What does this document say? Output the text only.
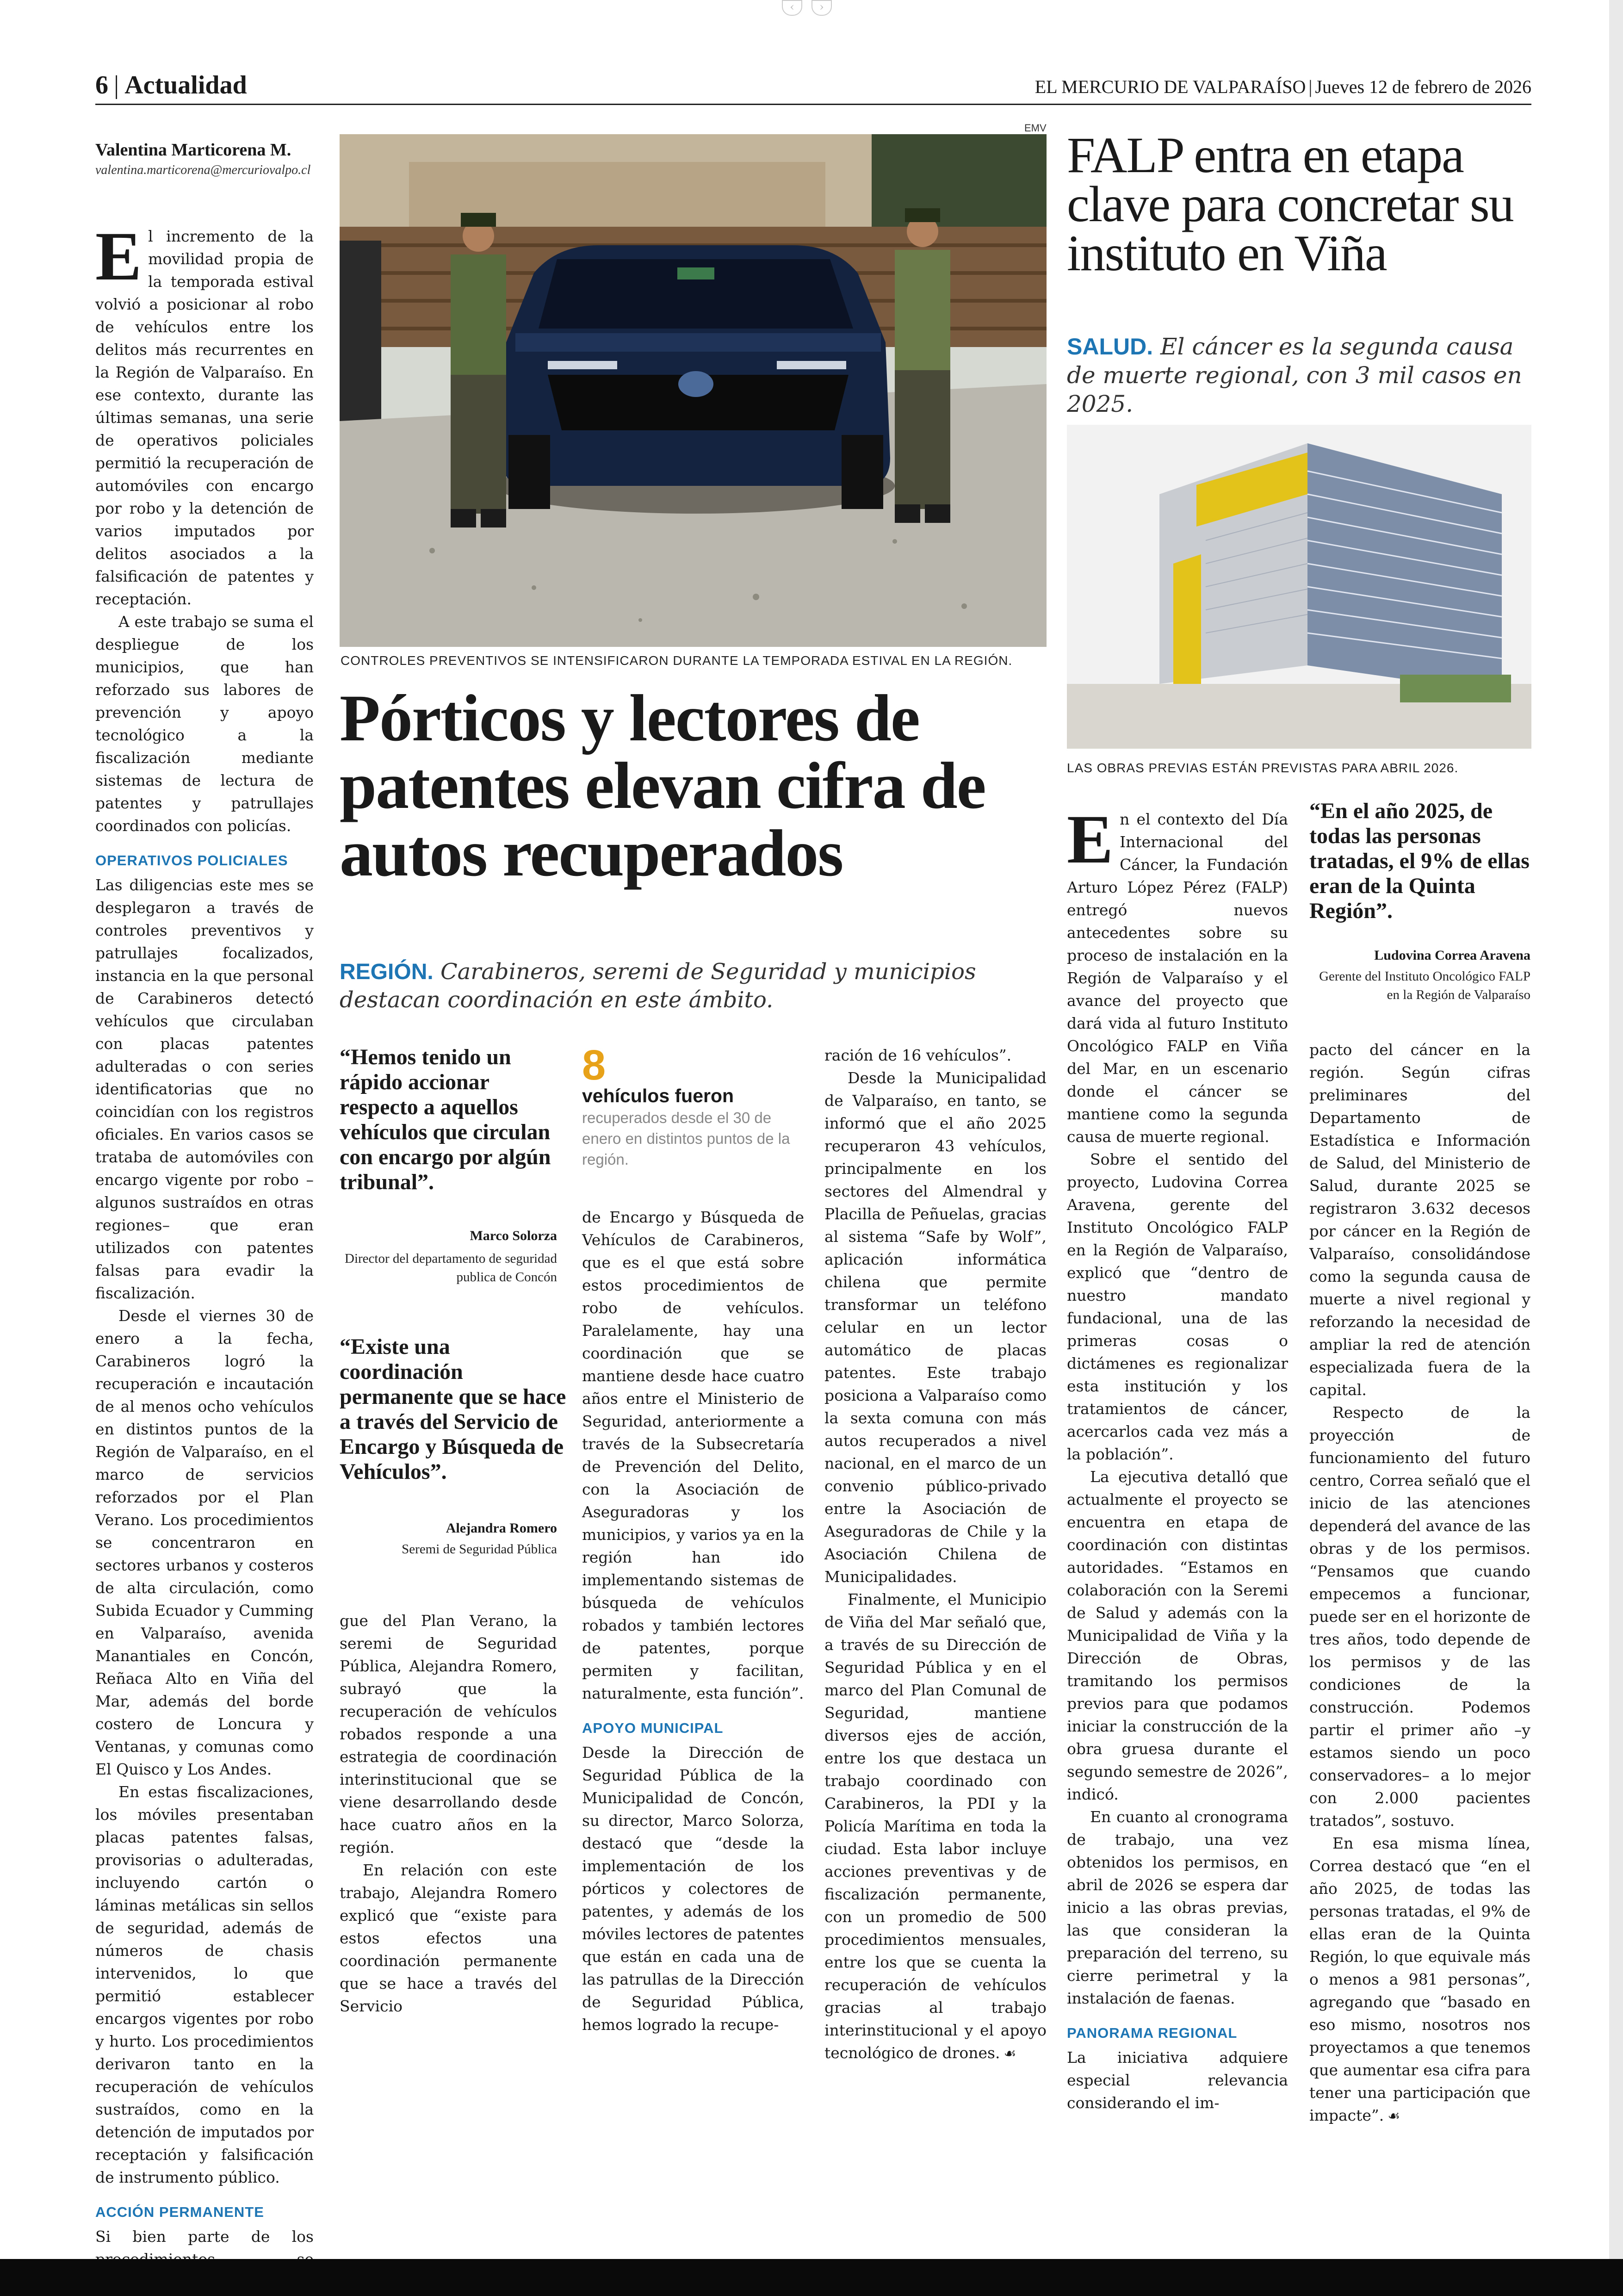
‹ ›
6 | Actualidad	EL MERCURIO DE VALPARAÍSO | Jueves 12 de febrero de 2026
Valentina Marticorena M.
valentina.marticorena@mercuriovalpo.cl

El incremento de la movilidad propia de la temporada estival volvió a posicionar al robo de vehículos entre los delitos más recurrentes en la Región de Valparaíso. En ese contexto, durante las últimas semanas, una serie de operativos policiales permitió la recuperación de automóviles con encargo por robo y la detención de varios imputados por delitos asociados a la falsificación de patentes y receptación.

A este trabajo se suma el despliegue de los municipios, que han reforzado sus labores de prevención y apoyo tecnológico a la fiscalización mediante sistemas de lectura de patentes y patrullajes coordinados con policías.

OPERATIVOS POLICIALES

Las diligencias este mes se desplegaron a través de controles preventivos y patrullajes focalizados, instancia en la que personal de Carabineros detectó vehículos que circulaban con placas patentes adulteradas o con series identificatorias que no coincidían con los registros oficiales. En varios casos se trataba de automóviles con encargo vigente por robo –algunos sustraídos en otras regiones– que eran utilizados con patentes falsas para evadir la fiscalización.

Desde el viernes 30 de enero a la fecha, Carabineros logró la recuperación e incautación de al menos ocho vehículos en distintos puntos de la Región de Valparaíso, en el marco de servicios reforzados por el Plan Verano. Los procedimientos se concentraron en sectores urbanos y costeros de alta circulación, como Subida Ecuador y Cumming en Valparaíso, avenida Manantiales en Concón, Reñaca Alto en Viña del Mar, además del borde costero de Loncura y Ventanas, y comunas como El Quisco y Los Andes.

En estas fiscalizaciones, los móviles presentaban placas patentes falsas, provisorias o adulteradas, incluyendo cartón o láminas metálicas sin sellos de seguridad, además de números de chasis intervenidos, lo que permitió establecer encargos vigentes por robo y hurto. Los procedimientos derivaron tanto en la recuperación de vehículos sustraídos, como en la detención de imputados por receptación y falsificación de instrumento público.

ACCIÓN PERMANENTE

Si bien parte de los

EMV
CONTROLES PREVENTIVOS SE INTENSIFICARON DURANTE LA TEMPORADA ESTIVAL EN LA REGIÓN.
Pórticos y lectores de patentes elevan cifra de autos recuperados
REGIÓN. Carabineros, seremi de Seguridad y municipios destacan coordinación en este ámbito.
“Hemos tenido un rápido accionar respecto a aquellos vehículos que circulan con encargo por algún tribunal”.
Marco Solorza
Director del departamento de seguridad publica de Concón
“Existe una coordinación permanente que se hace a través del Servicio de Encargo y Búsqueda de Vehículos”.
Alejandra Romero
Seremi de Seguridad Pública

gue del Plan Verano, la seremi de Seguridad Pública, Alejandra Romero, subrayó que la recuperación de vehículos robados responde a una estrategia de coordinación interinstitucional que se viene desarrollando desde hace cuatro años en la región.

En relación con este trabajo, Alejandra Romero explicó que “existe para estos efectos una coordinación permanente que se hace a través del Servicio

8
vehículos fueron recuperados desde el 30 de enero en distintos puntos de la región.

de Encargo y Búsqueda de Vehículos de Carabineros, que es el que está sobre estos procedimientos de robo de vehículos. Paralelamente, hay una coordinación que se mantiene desde hace cuatro años entre el Ministerio de Seguridad, anteriormente a través de la Subsecretaría de Prevención del Delito, con la Asociación de Aseguradoras y los municipios, y varios ya en la región han ido implementando sistemas de búsqueda de vehículos robados y también lectores de patentes, porque permiten y facilitan, naturalmente, esta función”.

APOYO MUNICIPAL

Desde la Dirección de Seguridad Pública de la Municipalidad de Concón, su director, Marco Solorza, destacó que “desde la implementación de los pórticos y colectores de patentes, y además de los móviles lectores de patentes que están en cada una de las patrullas de la Dirección de Seguridad Pública, hemos logrado la recupe-

ración de 16 vehículos”.

Desde la Municipalidad de Valparaíso, en tanto, se informó que el año 2025 recuperaron 43 vehículos, principalmente en los sectores del Almendral y Placilla de Peñuelas, gracias al sistema “Safe by Wolf”, aplicación informática chilena que permite transformar un teléfono celular en un lector automático de placas patentes. Este trabajo posiciona a Valparaíso como la sexta comuna con más autos recuperados a nivel nacional, en el marco de un convenio público-privado entre la Asociación de Aseguradoras de Chile y la Asociación Chilena de Municipalidades.

Finalmente, el Municipio de Viña del Mar señaló que, a través de su Dirección de Seguridad Pública y en el marco del Plan Comunal de Seguridad, mantiene diversos ejes de acción, entre los que destaca un trabajo coordinado con Carabineros, la PDI y la Policía Marítima en toda la ciudad. Esta labor incluye acciones preventivas y de fiscalización permanente, con un promedio de 500 procedimientos mensuales, entre los que se cuenta la recuperación de vehículos gracias al trabajo interinstitucional y el apoyo tecnológico de drones. ☙

FALP entra en etapa clave para concretar su instituto en Viña
SALUD. El cáncer es la segunda causa de muerte regional, con 3 mil casos en 2025.
LAS OBRAS PREVIAS ESTÁN PREVISTAS PARA ABRIL 2026.

En el contexto del Día Internacional del Cáncer, la Fundación Arturo López Pérez (FALP) entregó nuevos antecedentes sobre su proceso de instalación en la Región de Valparaíso y el avance del proyecto que dará vida al futuro Instituto Oncológico FALP en Viña del Mar, en un escenario donde el cáncer se mantiene como la segunda causa de muerte regional.

Sobre el sentido del proyecto, Ludovina Correa Aravena, gerente del Instituto Oncológico FALP en la Región de Valparaíso, explicó que “dentro de nuestro mandato fundacional, una de las primeras cosas o dictámenes es regionalizar esta institución y los tratamientos de cáncer, acercarlos cada vez más a la población”.

La ejecutiva detalló que actualmente el proyecto se encuentra en etapa de coordinación con distintas autoridades. “Estamos en colaboración con la Seremi de Salud y además con la Municipalidad de Viña y la Dirección de Obras, tramitando los permisos previos para que podamos iniciar la construcción de la obra gruesa durante el segundo semestre de 2026”, indicó.

En cuanto al cronograma de trabajo, una vez obtenidos los permisos, en abril de 2026 se espera dar inicio a las obras previas, las que consideran la preparación del terreno, su cierre perimetral y la instalación de faenas.

PANORAMA REGIONAL

La iniciativa adquiere especial relevancia considerando el im-

“En el año 2025, de todas las personas tratadas, el 9% de ellas eran de la Quinta Región”.
Ludovina Correa Aravena
Gerente del Instituto Oncológico FALP en la Región de Valparaíso

pacto del cáncer en la región. Según cifras preliminares del Departamento de Estadística e Información de Salud, del Ministerio de Salud, durante 2025 se registraron 3.632 decesos por cáncer en la Región de Valparaíso, consolidándose como la segunda causa de muerte a nivel regional y reforzando la necesidad de ampliar la red de atención especializada fuera de la capital.

Respecto de la proyección de funcionamiento del futuro centro, Correa señaló que el inicio de las atenciones dependerá del avance de las obras y de los permisos. “Pensamos que cuando empecemos a funcionar, puede ser en el horizonte de tres años, todo depende de los permisos y de las condiciones de la construcción. Podemos partir el primer año –y estamos siendo un poco conservadores– a lo mejor con 2.000 pacientes tratados”, sostuvo.

En esa misma línea, Correa destacó que “en el año 2025, de todas las personas tratadas, el 9% de ellas eran de la Quinta Región, lo que equivale más o menos a 981 personas”, agregando que “basado en eso mismo, nosotros nos proyectamos a que tenemos que aumentar esa cifra para tener una participación que impacte”. ☙
